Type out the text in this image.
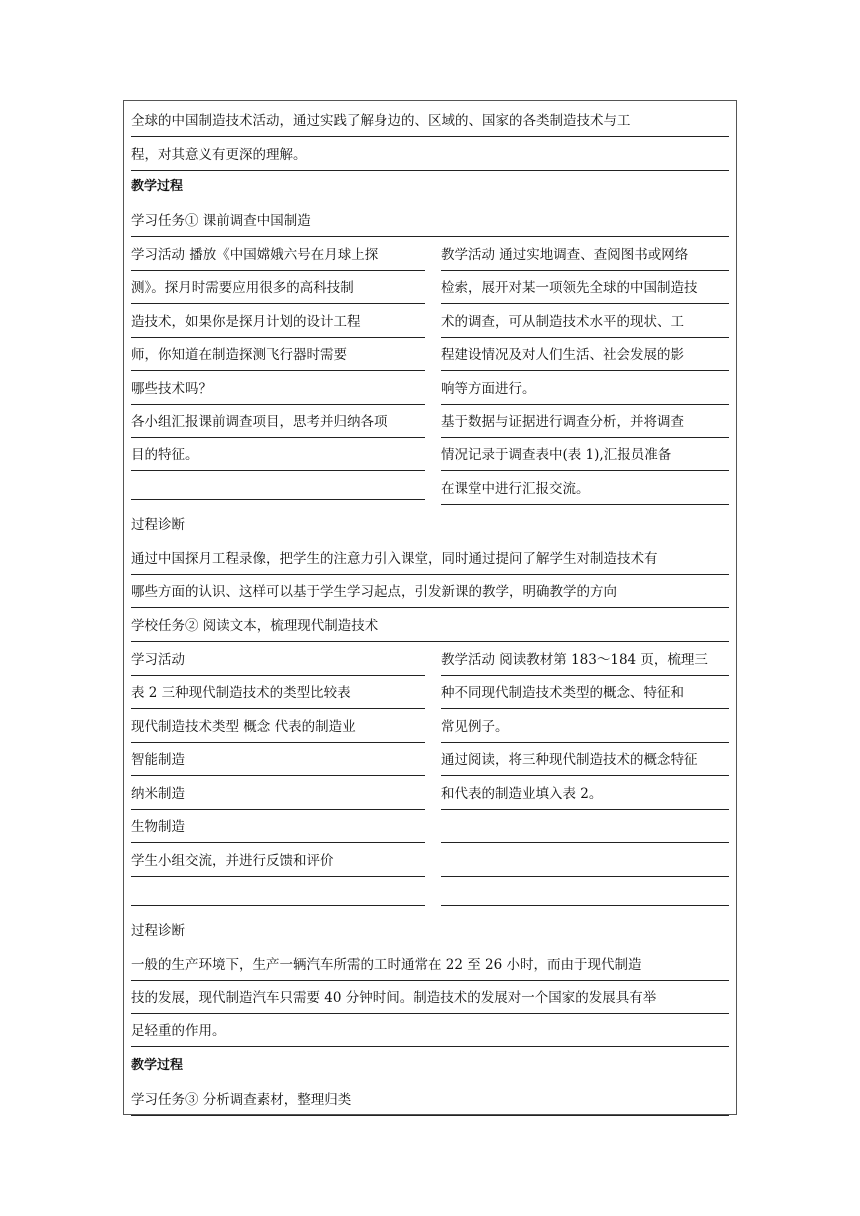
全球的中国制造技术活动，通过实践了解身边的、区域的、国家的各类制造技术与工
程，对其意义有更深的理解。
教学过程
学习任务① 课前调查中国制造
学习活动 播放《中国嫦娥六号在月球上探
测》。探月时需要应用很多的高科技制
造技术，如果你是探月计划的设计工程
师，你知道在制造探测飞行器时需要
哪些技术吗？
各小组汇报课前调查项目，思考并归纳各项
目的特征。
教学活动 通过实地调查、查阅图书或网络
检索，展开对某一项领先全球的中国制造技
术的调查，可从制造技术水平的现状、工
程建设情况及对人们生活、社会发展的影
响等方面进行。
基于数据与证据进行调查分析，并将调查
情况记录于调查表中(表 1),汇报员准备
在课堂中进行汇报交流。
过程诊断
通过中国探月工程录像，把学生的注意力引入课堂，同时通过提问了解学生对制造技术有
哪些方面的认识、这样可以基于学生学习起点，引发新课的教学，明确教学的方向
学校任务② 阅读文本，梳理现代制造技术
学习活动
表 2 三种现代制造技术的类型比较表
现代制造技术类型 概念 代表的制造业
智能制造
纳米制造
生物制造
学生小组交流，并进行反馈和评价
教学活动 阅读教材第 183～184 页，梳理三
种不同现代制造技术类型的概念、特征和
常见例子。
通过阅读，将三种现代制造技术的概念特征
和代表的制造业填入表 2。
过程诊断
一般的生产环境下，生产一辆汽车所需的工时通常在 22 至 26 小时，而由于现代制造
技的发展，现代制造汽车只需要 40 分钟时间。制造技术的发展对一个国家的发展具有举
足轻重的作用。
教学过程
学习任务③ 分析调查素材，整理归类
